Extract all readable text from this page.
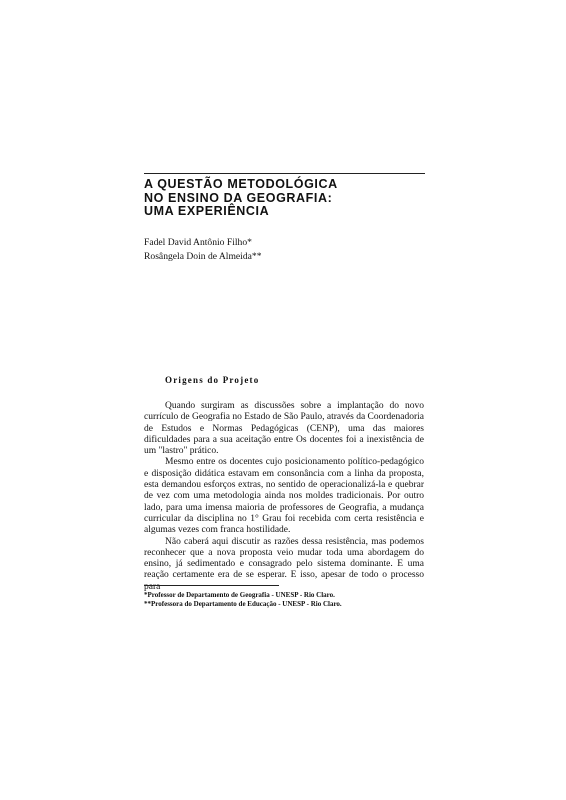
A QUESTÃO METODOLÓGICA
NO ENSINO DA GEOGRAFIA:
UMA EXPERIÊNCIA
Fadel David Antônio Filho*
Rosângela Doin de Almeida**
Origens do Projeto

Quando surgiram as discussões sobre a implantação do novo currículo de Geografia no Estado de São Paulo, através da Coordenadoria de Estudos e Normas Pedagógicas (CENP), uma das maiores dificuldades para a sua aceitação entre Os docentes foi a inexistência de um "lastro" prático.

Mesmo entre os docentes cujo posicionamento político-pedagógico e disposição didática estavam em consonância com a linha da proposta, esta demandou esforços extras, no sentido de operacionalizá-la e quebrar de vez com uma metodologia ainda nos moldes tradicionais. Por outro lado, para uma imensa maioria de professores de Geografia, a mudança curricular da disciplina no 1° Grau foi recebida com certa resistência e algumas vezes com franca hostilidade.

Não caberá aqui discutir as razões dessa resistência, mas podemos reconhecer que a nova proposta veio mudar toda uma abordagem do ensino, já sedimentado e consagrado pelo sistema dominante. E uma reação certamente era de se esperar. E isso, apesar de todo o processo para

*Professor de Departamento de Geografia - UNESP - Rio Claro.
**Professora do Departamento de Educação - UNESP - Rio Claro.
